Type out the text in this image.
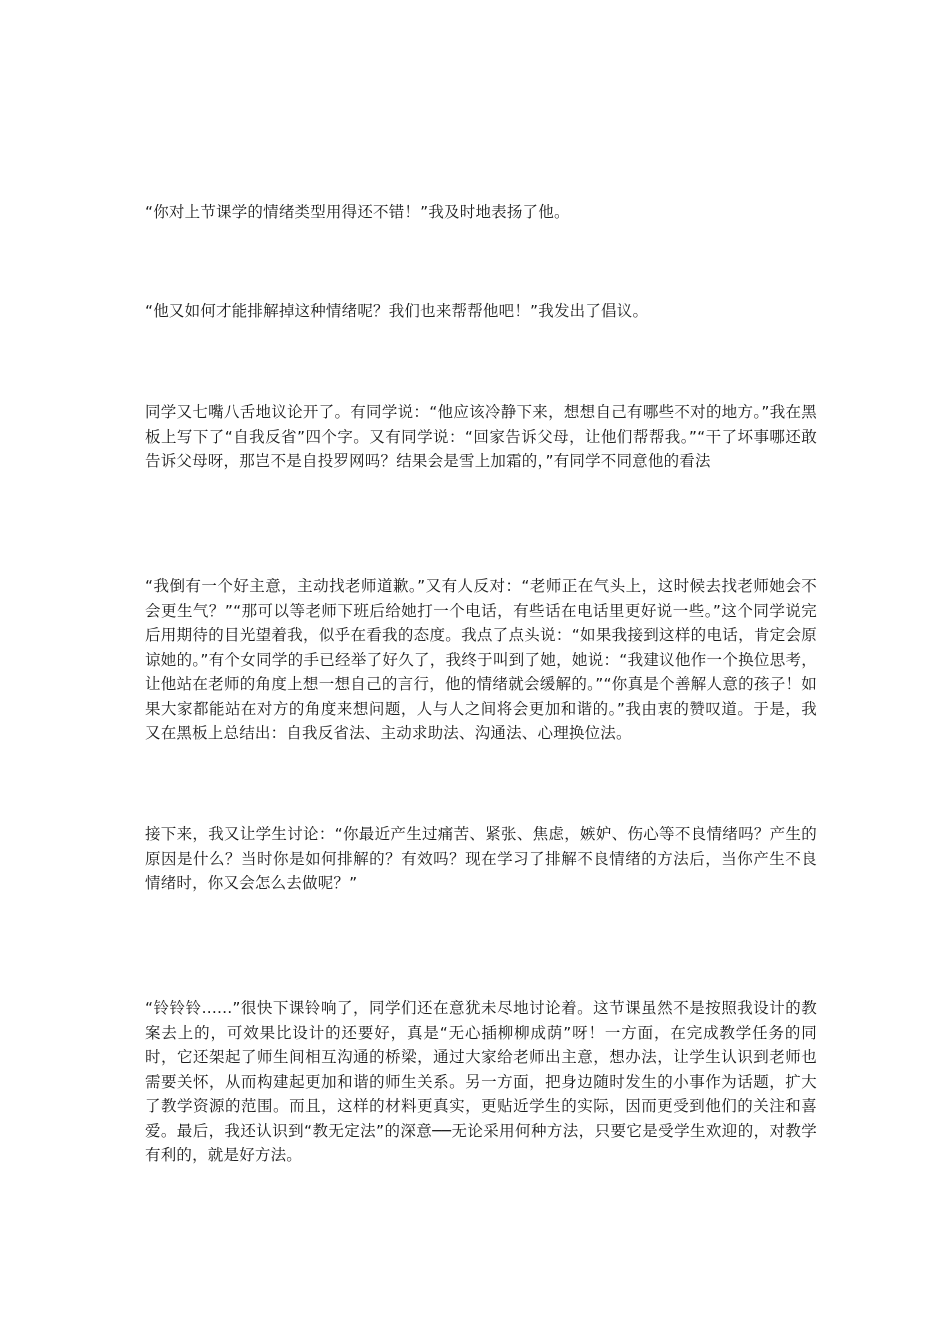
“你对上节课学的情绪类型用得还不错！”我及时地表扬了他。

“他又如何才能排解掉这种情绪呢？我们也来帮帮他吧！”我发出了倡议。

同学又七嘴八舌地议论开了。有同学说：“他应该冷静下来，想想自己有哪些不对的地方。”我在黑板上写下了“自我反省”四个字。又有同学说：“回家告诉父母，让他们帮帮我。”“干了坏事哪还敢告诉父母呀，那岂不是自投罗网吗？结果会是雪上加霜的，”有同学不同意他的看法

“我倒有一个好主意，主动找老师道歉。”又有人反对：“老师正在气头上，这时候去找老师她会不会更生气？”“那可以等老师下班后给她打一个电话，有些话在电话里更好说一些。”这个同学说完后用期待的目光望着我，似乎在看我的态度。我点了点头说：“如果我接到这样的电话，肯定会原谅她的。”有个女同学的手已经举了好久了，我终于叫到了她，她说：“我建议他作一个换位思考，让他站在老师的角度上想一想自己的言行，他的情绪就会缓解的。”“你真是个善解人意的孩子！如果大家都能站在对方的角度来想问题，人与人之间将会更加和谐的。”我由衷的赞叹道。于是，我又在黑板上总结出：自我反省法、主动求助法、沟通法、心理换位法。

接下来，我又让学生讨论：“你最近产生过痛苦、紧张、焦虑，嫉妒、伤心等不良情绪吗？产生的原因是什么？当时你是如何排解的？有效吗？现在学习了排解不良情绪的方法后，当你产生不良情绪时，你又会怎么去做呢？”

“铃铃铃......”很快下课铃响了，同学们还在意犹未尽地讨论着。这节课虽然不是按照我设计的教案去上的，可效果比设计的还要好，真是“无心插柳柳成荫”呀！一方面，在完成教学任务的同时，它还架起了师生间相互沟通的桥梁，通过大家给老师出主意，想办法，让学生认识到老师也需要关怀，从而构建起更加和谐的师生关系。另一方面，把身边随时发生的小事作为话题，扩大了教学资源的范围。而且，这样的材料更真实，更贴近学生的实际，因而更受到他们的关注和喜爱。最后，我还认识到“教无定法”的深意──无论采用何种方法，只要它是受学生欢迎的，对教学有利的，就是好方法。
